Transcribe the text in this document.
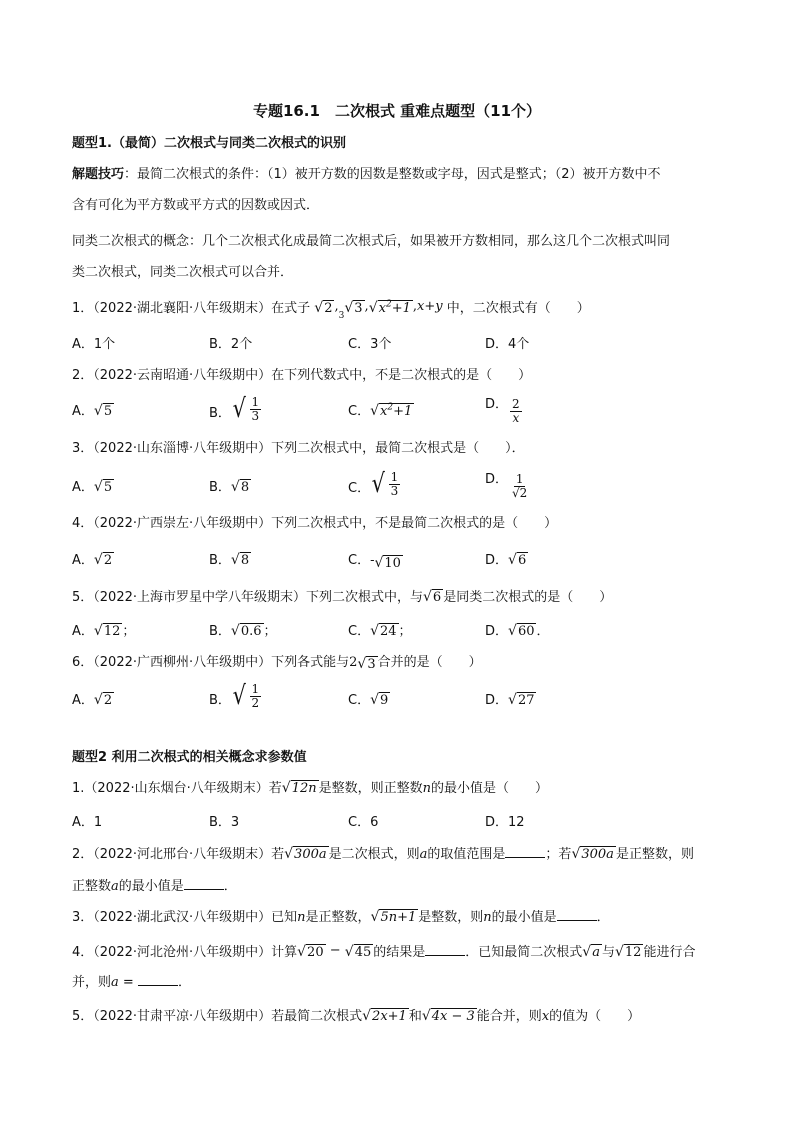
专题16.1　二次根式 重难点题型（11个）
题型1.（最简）二次根式与同类二次根式的识别
解题技巧：最简二次根式的条件：（1）被开方数的因数是整数或字母，因式是整式；（2）被开方数中不
含有可化为平方数或平方式的因数或因式．
同类二次根式的概念：几个二次根式化成最简二次根式后，如果被开方数相同，那么这几个二次根式叫同
类二次根式，同类二次根式可以合并．
1．（2022·湖北襄阳·八年级期末）在式子 √ 2 ,
3 √ 3 , √ $x^2+1$ , x + y 中，二次根式有（　　）
A．1个	B．2个	C．3个	D．4个
2．（2022·云南昭通·八年级期中）在下列代数式中，不是二次根式的是（　　）
A． √ 5	B． √ $\frac{1}{3}$	C． √ $x^2+1$	D． $\frac{2}{x}$
3．（2022·山东淄博·八年级期中）下列二次根式中，最简二次根式是（　　）．
A． √ 5	B． √ 8	C． √ $\frac{1}{3}$	D． $\frac{1}{√2}$
4．（2022·广西崇左·八年级期中）下列二次根式中，不是最简二次根式的是（　　）
A． √ 2	B． √ 8	C．- √ 10	D． √ 6
5．（2022·上海市罗星中学八年级期末）下列二次根式中，与 √ 6 是同类二次根式的是（　　）
A． √ 12 ；	B． √ 0.6 ；	C． √ 24 ；	D． √ 60 ．
6．（2022·广西柳州·八年级期中）下列各式能与2 √ 3 合并的是（　　）
A． √ 2	B． √ $\frac{1}{2}$	C． √ 9	D． √ 27
题型2 利用二次根式的相关概念求参数值
1.（2022·山东烟台·八年级期末）若 √ 12n 是整数，则正整数n的最小值是（　　）
A．1	B．3	C．6	D．12
2．（2022·河北邢台·八年级期末）若 √ 300a 是二次根式，则a的取值范围是	；若 √ 300a 是正整数，则
正整数a的最小值是	．
3．（2022·湖北武汉·八年级期中）已知n是正整数， √ 5n+1 是整数，则n的最小值是	．
4．（2022·河北沧州·八年级期中）计算 √ 20 − √ 45 的结果是	．已知最简二次根式 √ a 与 √ 12 能进行合
并，则a =	．
5．（2022·甘肃平凉·八年级期中）若最简二次根式 √ 2x+1 和 √ 4x − 3 能合并，则x的值为（　　）
